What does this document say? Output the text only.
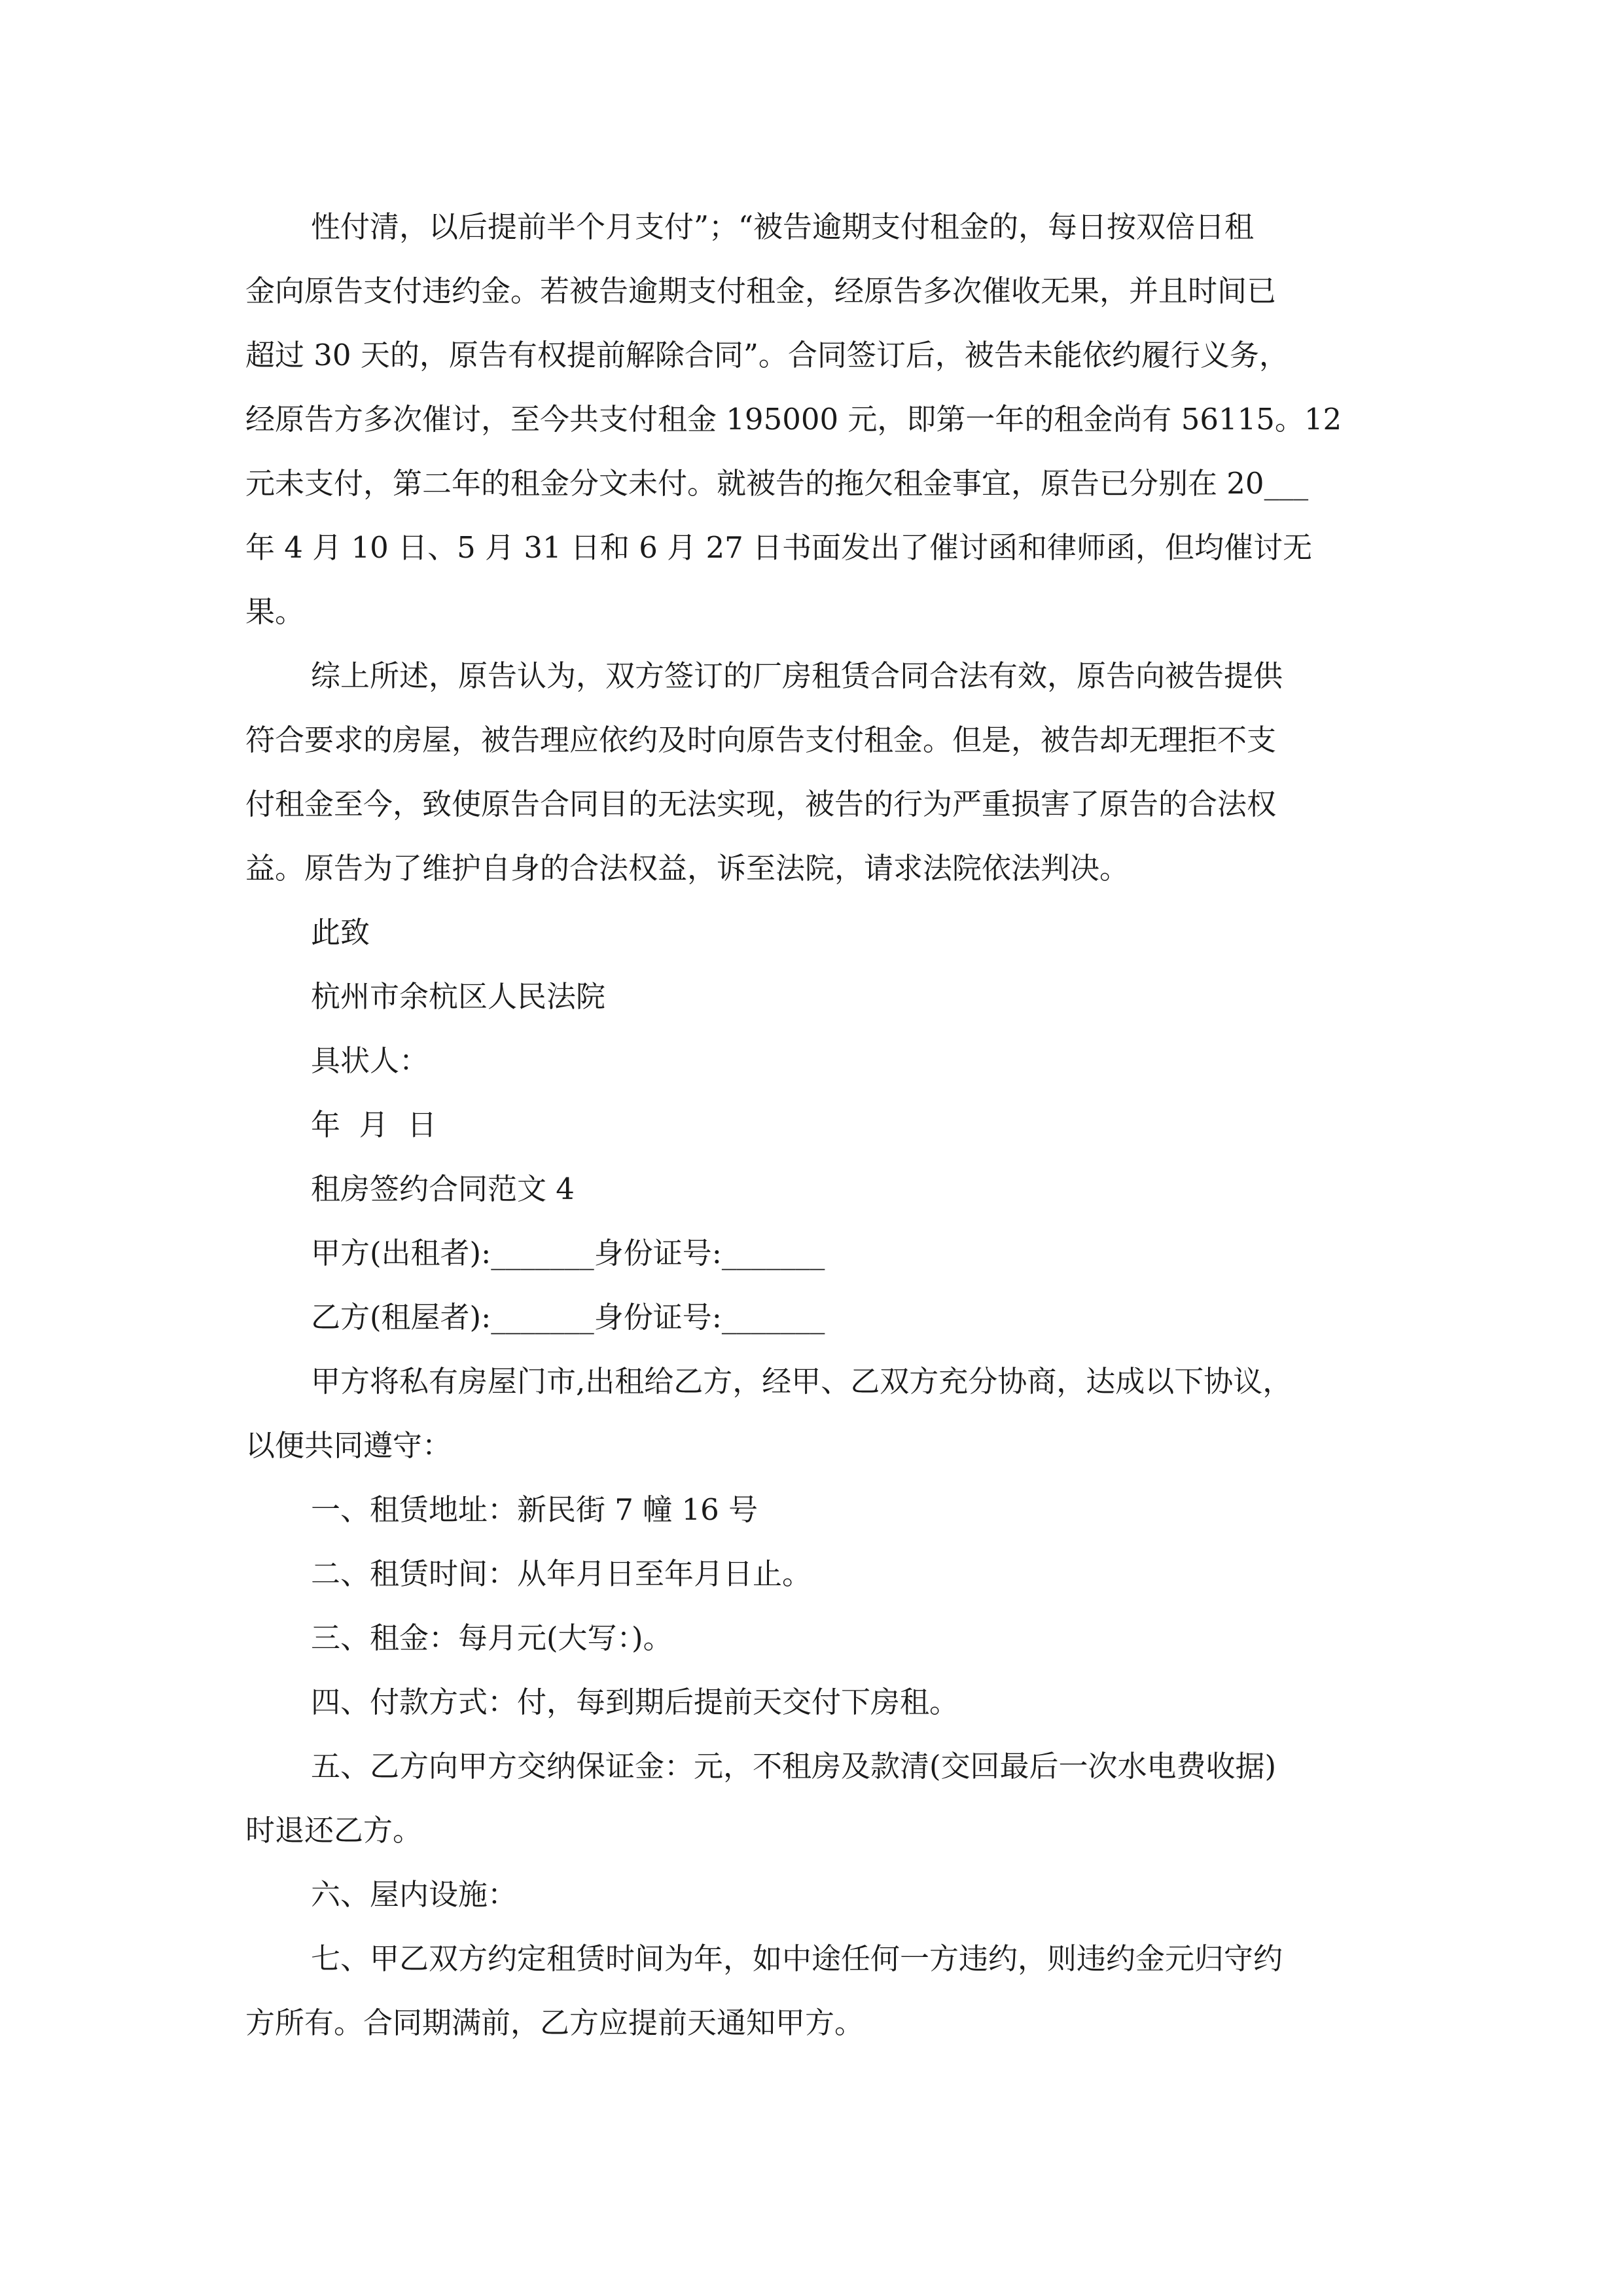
性付清，以后提前半个月支付”；“被告逾期支付租金的，每日按双倍日租

金向原告支付违约金。若被告逾期支付租金，经原告多次催收无果，并且时间已

超过 30 天的，原告有权提前解除合同”。合同签订后，被告未能依约履行义务，

经原告方多次催讨，至今共支付租金 195000 元，即第一年的租金尚有 56115。12

元未支付，第二年的租金分文未付。就被告的拖欠租金事宜，原告已分别在 20___

年 4 月 10 日、5 月 31 日和 6 月 27 日书面发出了催讨函和律师函，但均催讨无

果。

综上所述，原告认为，双方签订的厂房租赁合同合法有效，原告向被告提供

符合要求的房屋，被告理应依约及时向原告支付租金。但是，被告却无理拒不支

付租金至今，致使原告合同目的无法实现，被告的行为严重损害了原告的合法权

益。原告为了维护自身的合法权益，诉至法院，请求法院依法判决。

此致

杭州市余杭区人民法院

具状人：

年  月  日

租房签约合同范文 4

甲方(出租者):_______身份证号:_______

乙方(租屋者):_______身份证号:_______

甲方将私有房屋门市,出租给乙方，经甲、乙双方充分协商，达成以下协议，

以便共同遵守：

一、租赁地址：新民街 7 幢 16 号

二、租赁时间：从年月日至年月日止。

三、租金：每月元(大写：)。

四、付款方式：付，每到期后提前天交付下房租。

五、乙方向甲方交纳保证金：元，不租房及款清(交回最后一次水电费收据)

时退还乙方。

六、屋内设施：

七、甲乙双方约定租赁时间为年，如中途任何一方违约，则违约金元归守约

方所有。合同期满前，乙方应提前天通知甲方。
